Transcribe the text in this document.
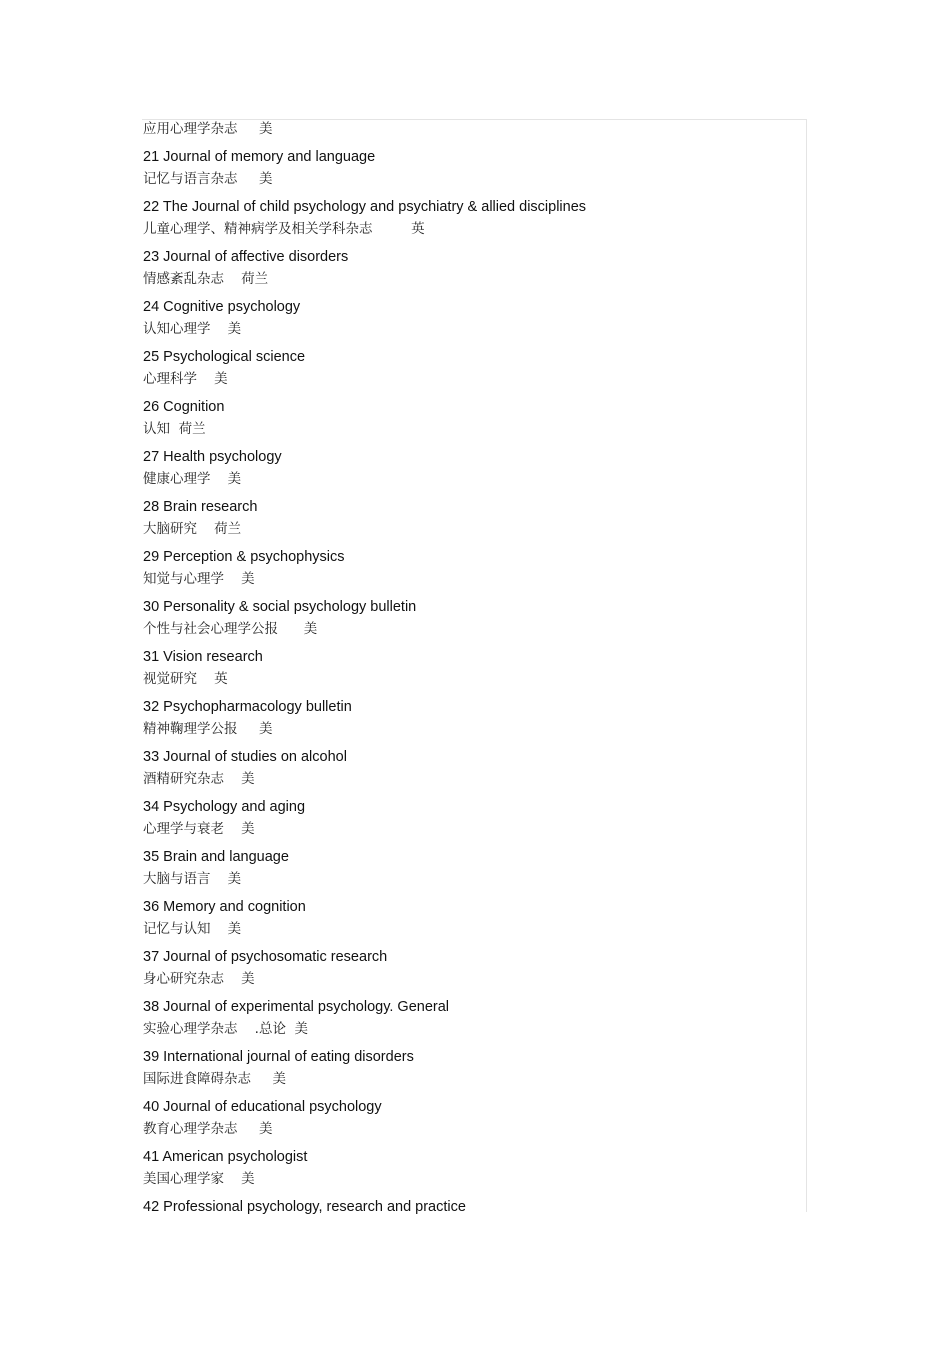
应用心理学杂志     美
21 Journal of memory and language
记忆与语言杂志     美
22 The Journal of child psychology and psychiatry & allied disciplines
儿童心理学、精神病学及相关学科杂志         英
23 Journal of affective disorders
情感紊乱杂志    荷兰
24 Cognitive psychology
认知心理学    美
25 Psychological science
心理科学    美
26 Cognition
认知  荷兰
27 Health psychology
健康心理学    美
28 Brain research
大脑研究    荷兰
29 Perception & psychophysics
知觉与心理学    美
30 Personality & social psychology bulletin
个性与社会心理学公报      美
31 Vision research
视觉研究    英
32 Psychopharmacology bulletin
精神鞠理学公报     美
33 Journal of studies on alcohol
酒精研究杂志    美
34 Psychology and aging
心理学与衰老    美
35 Brain and language
大脑与语言    美
36 Memory and cognition
记忆与认知    美
37 Journal of psychosomatic research
身心研究杂志    美
38 Journal of experimental psychology. General
实验心理学杂志    .总论  美
39 International journal of eating disorders
国际进食障碍杂志     美
40 Journal of educational psychology
教育心理学杂志     美
41 American psychologist
美国心理学家    美
42 Professional psychology, research and practice
